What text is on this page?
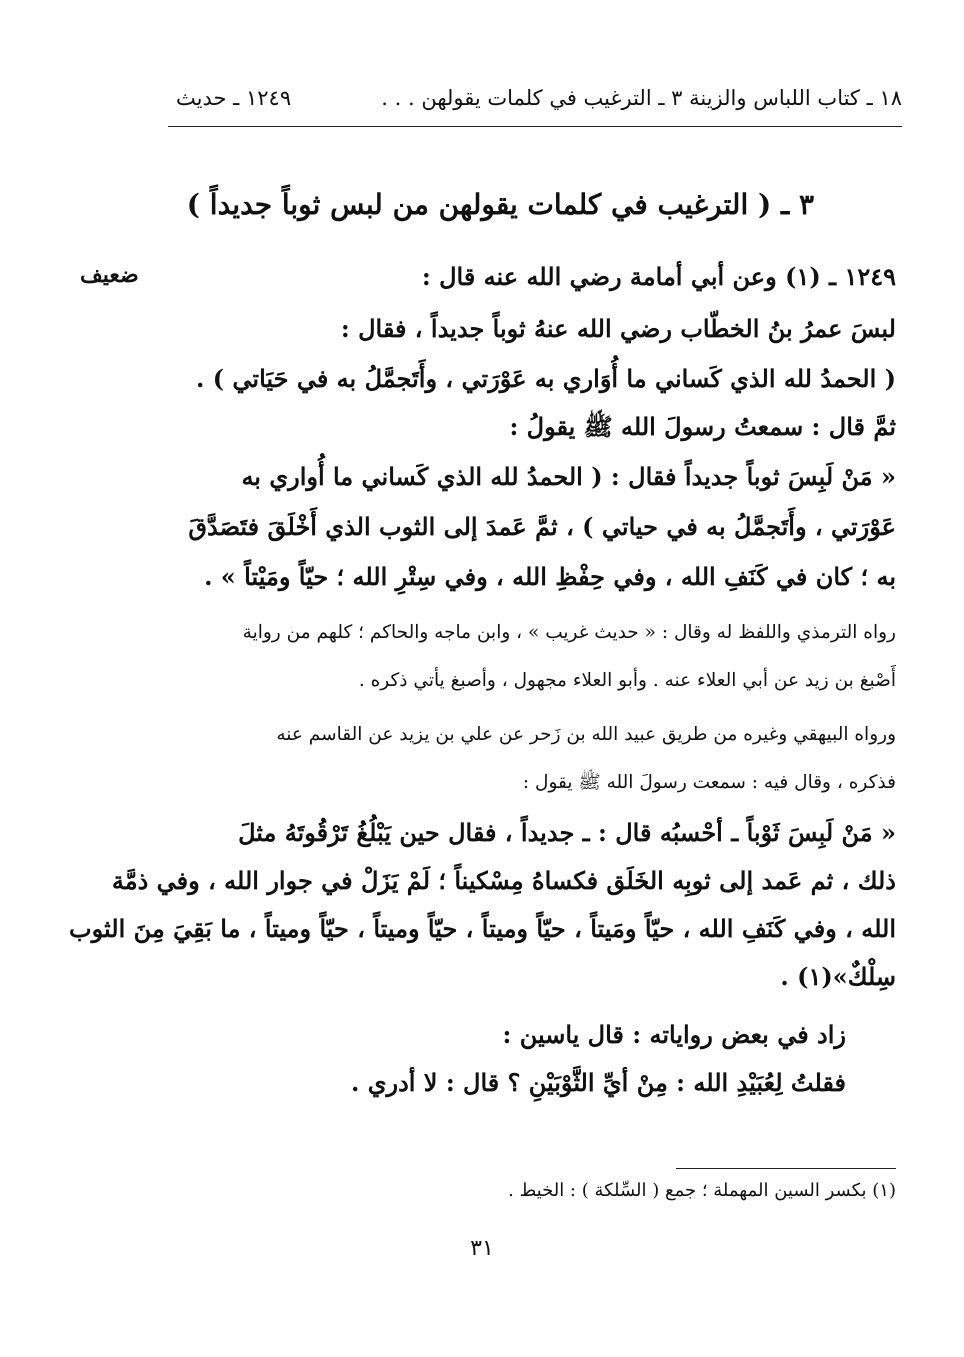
١٨ ـ كتاب اللباس والزينة ٣ ـ الترغيب في كلمات يقولهن . . .
١٢٤٩ ـ حديث
٣ ـ ( الترغيب في كلمات يقولهن من لبس ثوباً جديداً )
ضعيف	١٢٤٩ ـ (١) وعن أبي أمامة رضي الله عنه قال :
لبسَ عمرُ بنُ الخطّاب رضي الله عنهُ ثوباً جديداً ، فقال :
( الحمدُ لله الذي كَساني ما أُوَاري به عَوْرَتي ، وأَتَجمَّلُ به في حَيَاتي ) .
ثمَّ قال : سمعتُ رسولَ الله ﷺ يقولُ :
« مَنْ لَبِسَ ثوباً جديداً فقال : ( الحمدُ لله الذي كَساني ما أُواري به
عَوْرَتي ، وأَتَجمَّلُ به في حياتي ) ، ثمَّ عَمدَ إلى الثوب الذي أَخْلَقَ فتَصَدَّقَ
به ؛ كان في كَنَفِ الله ، وفي حِفْظِ الله ، وفي سِتْرِ الله ؛ حيّاً ومَيْتاً » .
رواه الترمذي واللفظ له وقال : « حديث غريب » ، وابن ماجه والحاكم ؛ كلهم من رواية
أَصْبغ بن زيد عن أبي العلاء عنه . وأبو العلاء مجهول ، وأصبغ يأتي ذكره .
ورواه البيهقي وغيره من طريق عبيد الله بن زَحر عن علي بن يزيد عن القاسم عنه
فذكره ، وقال فيه : سمعت رسولَ الله ﷺ يقول :
« مَنْ لَبِسَ ثَوْباً ـ أحْسبُه قال : ـ جديداً ، فقال حين يَبْلُغُ تَرْقُوتَهُ مثلَ
ذلك ، ثم عَمد إلى ثوبِه الخَلَق فكساهُ مِسْكيناً ؛ لَمْ يَزَلْ في جوار الله ، وفي ذمَّة
الله ، وفي كَنَفِ الله ، حيّاً ومَيتاً ، حيّاً وميتاً ، حيّاً وميتاً ، حيّاً وميتاً ، ما بَقِيَ مِنَ الثوب
سِلْكٌ»(١) .
زاد في بعض رواياته : قال ياسين :
فقلتُ لِعُبَيْدِ الله : مِنْ أيِّ الثَّوْبَيْنِ ؟ قال : لا أدري .
(١) بكسر السين المهملة ؛ جمع ( السِّلكة ) : الخيط .
٣١
